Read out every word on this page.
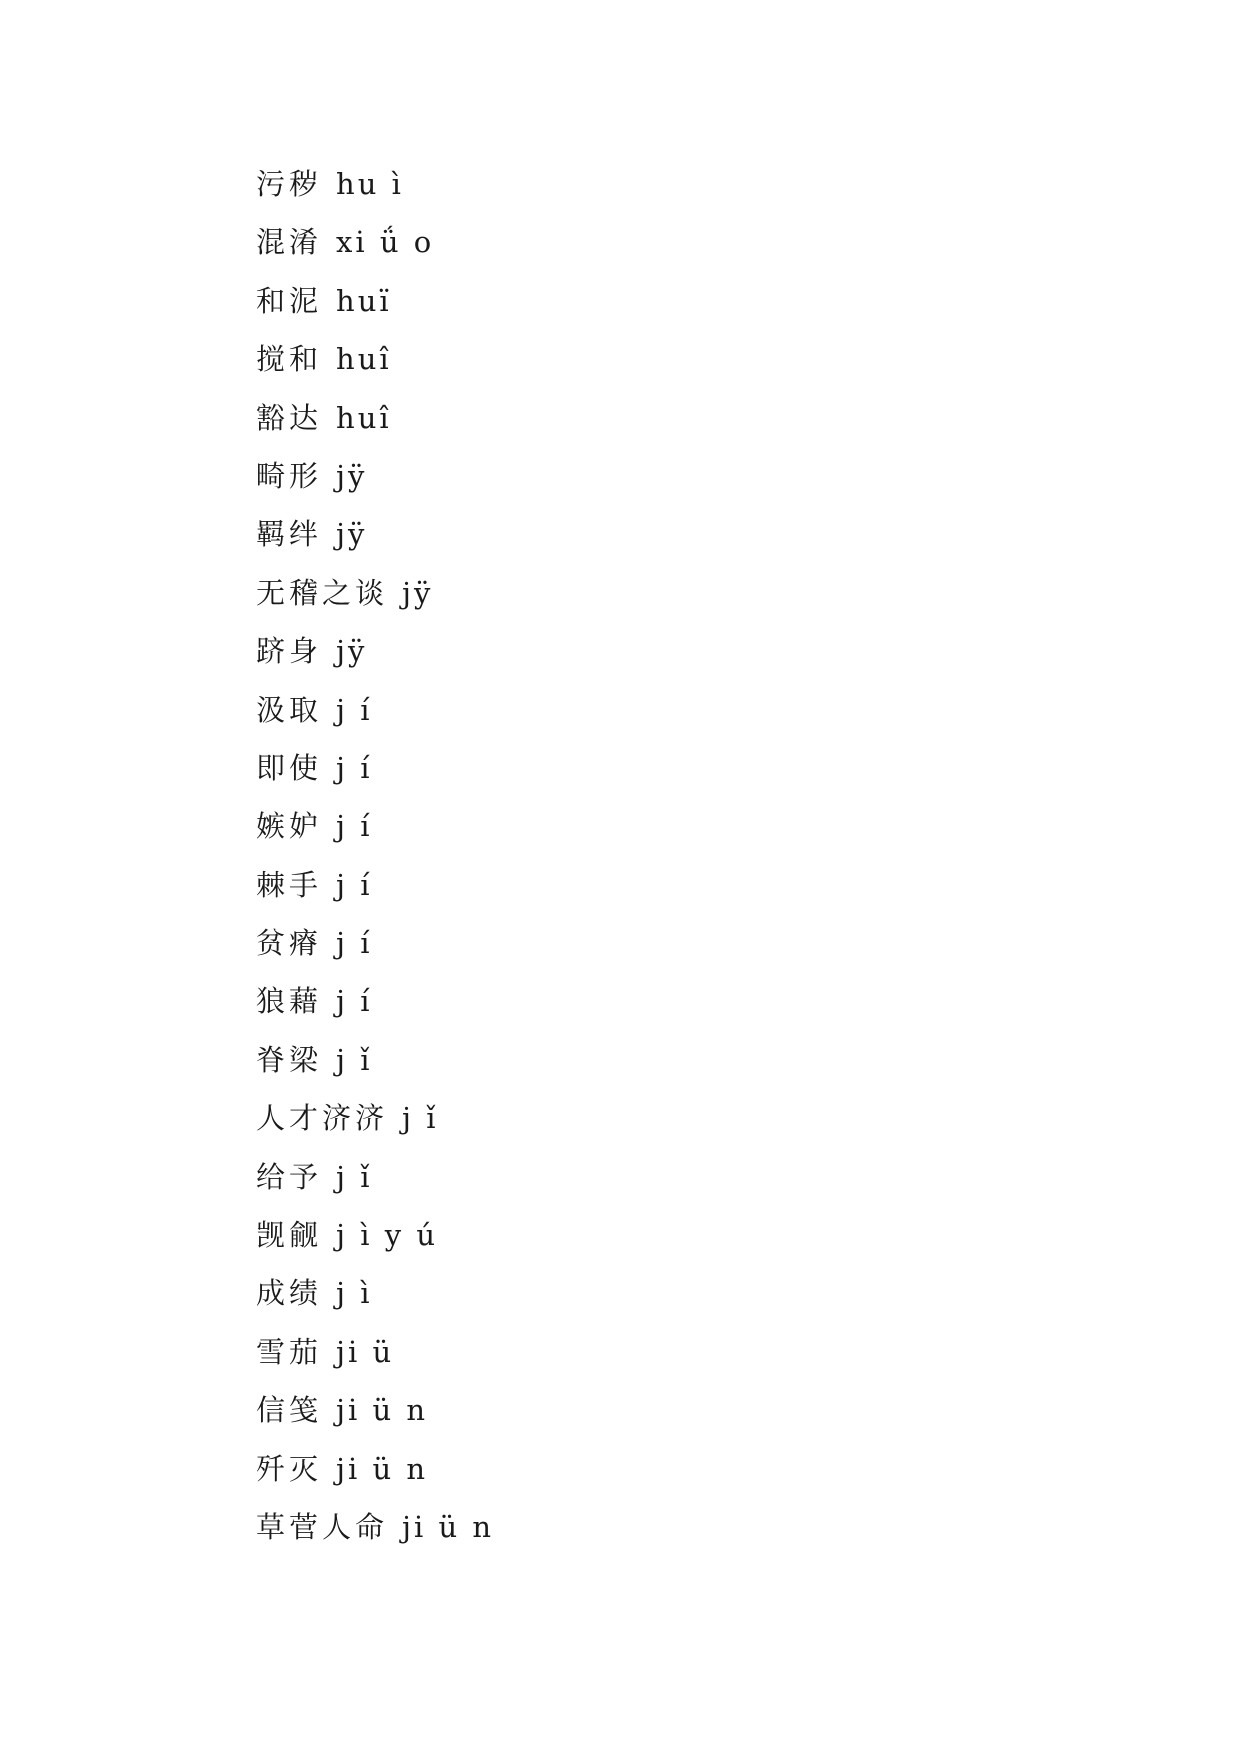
污秽 hu ì
混淆 xi ǘ o
和泥 huï
搅和 huî
豁达 huî
畸形 jÿ
羁绊 jÿ
无稽之谈 jÿ
跻身 jÿ
汲取 j í
即使 j í
嫉妒 j í
棘手 j í
贫瘠 j í
狼藉 j í
脊梁 j ǐ
人才济济 j ǐ
给予 j ǐ
觊觎 j ì y ú
成绩 j ì
雪茄 ji ü
信笺 ji ü n
歼灭 ji ü n
草菅人命 ji ü n
